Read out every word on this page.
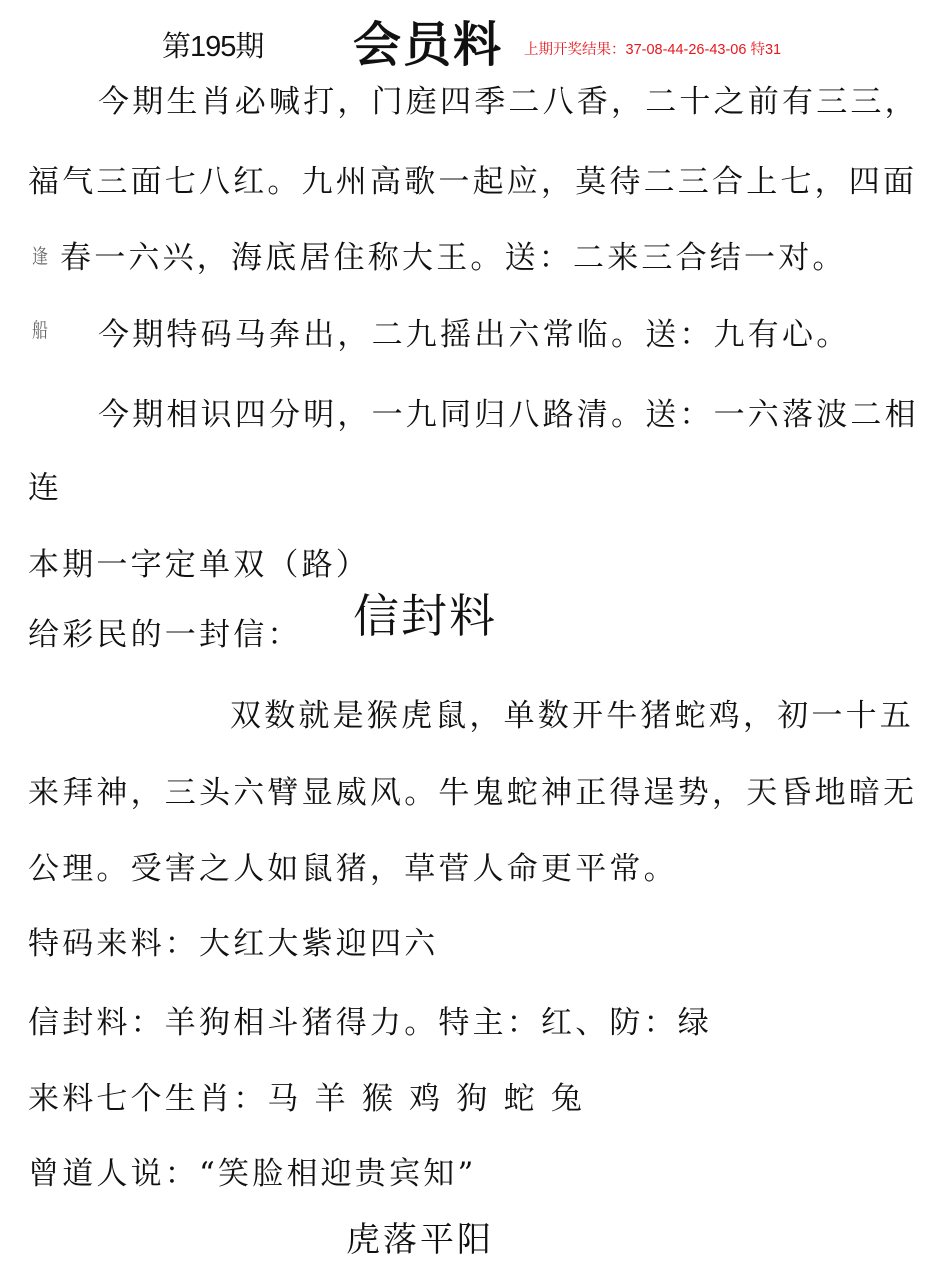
第195期 会员料 上期开奖结果：37-08-44-26-43-06 特31
今期生肖必喊打，门庭四季二八香，二十之前有三三，
福气三面七八红。九州高歌一起应，莫待二三合上七，四面
逢 春一六兴，海底居住称大王。送：二来三合结一对。
船 今期特码马奔出，二九摇出六常临。送：九有心。
今期相识四分明，一九同归八路清。送：一六落波二相
连
本期一字定单双（路）
给彩民的一封信： 信封料
双数就是猴虎鼠，单数开牛猪蛇鸡，初一十五
来拜神，三头六臂显威风。牛鬼蛇神正得逞势，天昏地暗无
公理。受害之人如鼠猪，草菅人命更平常。
特码来料：大红大紫迎四六
信封料：羊狗相斗猪得力。特主：红、防：绿
来料七个生肖：马 羊 猴 鸡 狗 蛇 兔
曾道人说：“笑脸相迎贵宾知”
虎落平阳
